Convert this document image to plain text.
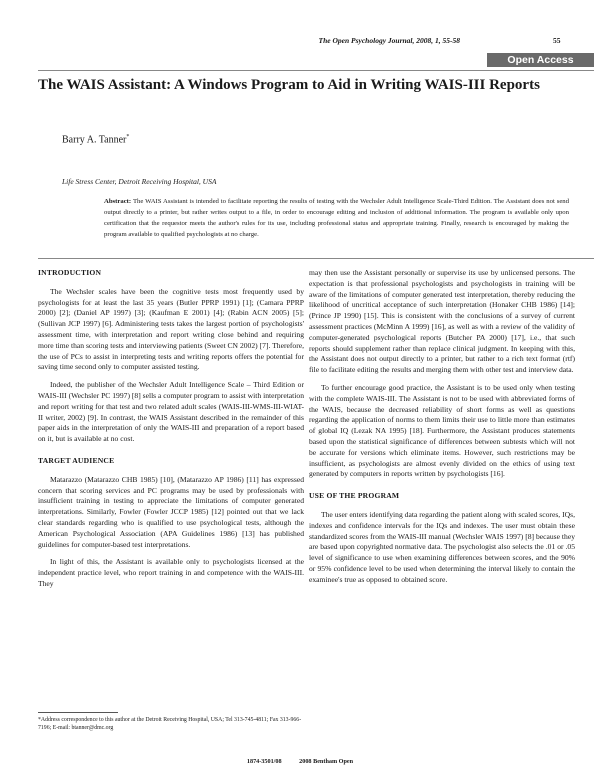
The Open Psychology Journal, 2008, 1, 55-58	55
Open Access
The WAIS Assistant: A Windows Program to Aid in Writing WAIS-III Reports
Barry A. Tanner*
Life Stress Center, Detroit Receiving Hospital, USA

Abstract: The WAIS Assistant is intended to facilitate reporting the results of testing with the Wechsler Adult Intelligence Scale-Third Edition. The Assistant does not send output directly to a printer, but rather writes output to a file, in order to encourage editing and inclusion of additional information. The program is available only upon certification that the requestor meets the author's rules for its use, including professional status and appropriate training. Finally, research is encouraged by making the program available to qualified psychologists at no charge.

INTRODUCTION

The Wechsler scales have been the cognitive tests most frequently used by psychologists for at least the last 35 years (Butler PPRP 1991) [1]; (Camara PPRP 2000) [2]; (Daniel AP 1997) [3]; (Kaufman E 2001) [4]; (Rabin ACN 2005) [5]; (Sullivan JCP 1997) [6]. Administering tests takes the largest portion of psychologists' assessment time, with interpretation and report writing close behind and requiring more time than scoring tests and interviewing patients (Sweet CN 2002) [7]. Therefore, the use of PCs to assist in interpreting tests and writing reports offers the potential for saving time second only to computer assisted testing.

Indeed, the publisher of the Wechsler Adult Intelligence Scale – Third Edition or WAIS-III (Wechsler PC 1997) [8] sells a computer program to assist with interpretation and report writing for that test and two related adult scales (WAIS-III-WMS-III-WIAT-II writer, 2002) [9]. In contrast, the WAIS Assistant described in the remainder of this paper aids in the interpretation of only the WAIS-III and preparation of a report based on it, but is available at no cost.

TARGET AUDIENCE

Matarazzo (Matarazzo CHB 1985) [10], (Matarazzo AP 1986) [11] has expressed concern that scoring services and PC programs may be used by professionals with insufficient training in testing to appreciate the limitations of computer generated interpretations. Similarly, Fowler (Fowler JCCP 1985) [12] pointed out that we lack clear standards regarding who is qualified to use psychological tests, although the American Psychological Association (APA Guidelines 1986) [13] has published guidelines for computer-based test interpretations.

In light of this, the Assistant is available only to psychologists licensed at the independent practice level, who report training in and competence with the WAIS-III. They

may then use the Assistant personally or supervise its use by unlicensed persons. The expectation is that professional psychologists and psychologists in training will be aware of the limitations of computer generated test interpretation, thereby reducing the likelihood of uncritical acceptance of such interpretation (Honaker CHB 1986) [14]; (Prince JP 1990) [15]. This is consistent with the conclusions of a survey of current assessment practices (McMinn A 1999) [16], as well as with a review of the validity of computer-generated psychological reports (Butcher PA 2000) [17], i.e., that such reports should supplement rather than replace clinical judgment. In keeping with this, the Assistant does not output directly to a printer, but rather to a rich text format (rtf) file to facilitate editing the results and merging them with other test and interview data.

To further encourage good practice, the Assistant is to be used only when testing with the complete WAIS-III. The Assistant is not to be used with abbreviated forms of the WAIS, because the decreased reliability of short forms as well as questions regarding the application of norms to them limits their use to little more than estimates of global IQ (Lezak NA 1995) [18]. Furthermore, the Assistant produces statements based upon the statistical significance of differences between subtests which will not be accurate for versions which eliminate items. However, such restrictions may be insufficient, as psychologists are almost evenly divided on the ethics of using text generated by computers in reports written by psychologists [16].

USE OF THE PROGRAM

The user enters identifying data regarding the patient along with scaled scores, IQs, indexes and confidence intervals for the IQs and indexes. The user must obtain these standardized scores from the WAIS-III manual (Wechsler WAIS 1997) [8] because they are based upon copyrighted normative data. The psychologist also selects the .01 or .05 level of significance to use when examining differences between scores, and the 90% or 95% confidence level to be used when determining the interval likely to contain the examinee's true as opposed to obtained score.

*Address correspondence to this author at the Detroit Receiving Hospital, USA; Tel 313-745-4811; Fax 313-966-7196; E-mail: btanner@dmc.org
1874-3501/08	2008 Bentham Open
